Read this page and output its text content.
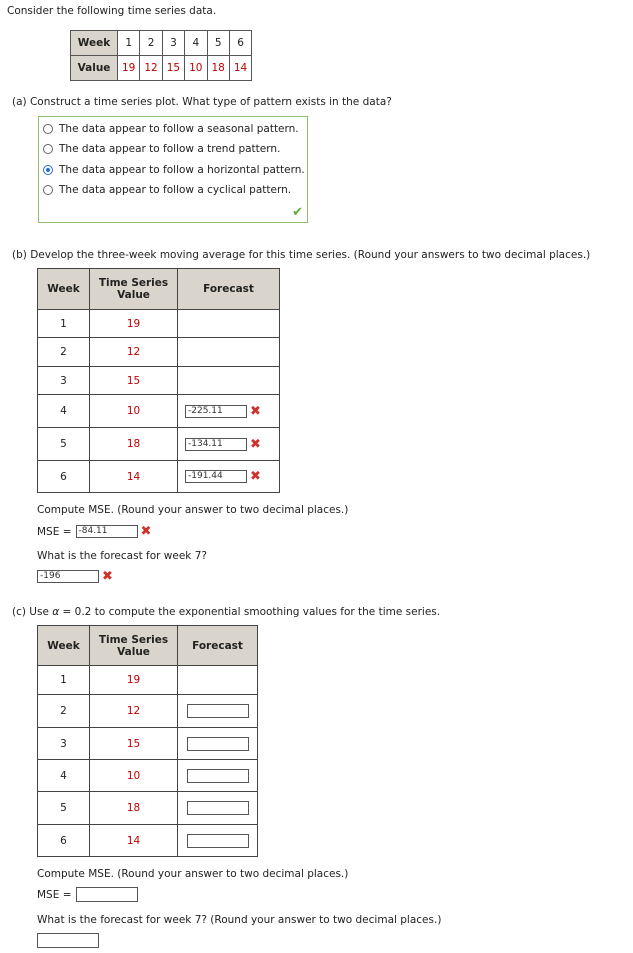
Consider the following time series data.
Week	1	2	3	4	5	6
Value	19	12	15	10	18	14
(a) Construct a time series plot. What type of pattern exists in the data?
The data appear to follow a seasonal pattern.
The data appear to follow a trend pattern.
The data appear to follow a horizontal pattern.
The data appear to follow a cyclical pattern.
✔
(b) Develop the three-week moving average for this time series. (Round your answers to two decimal places.)
Week	Time Series Value	Forecast
1	19	
2	12	
3	15	
4	10	-225.11 ✖
5	18	-134.11 ✖
6	14	-191.44 ✖
Compute MSE. (Round your answer to two decimal places.)
MSE = -84.11	✖
What is the forecast for week 7?
-196	✖
(c) Use α = 0.2 to compute the exponential smoothing values for the time series.
Week	Time Series Value	Forecast
1	19	
2	12	
3	15	
4	10	
5	18	
6	14	
Compute MSE. (Round your answer to two decimal places.)
MSE =
What is the forecast for week 7? (Round your answer to two decimal places.)
